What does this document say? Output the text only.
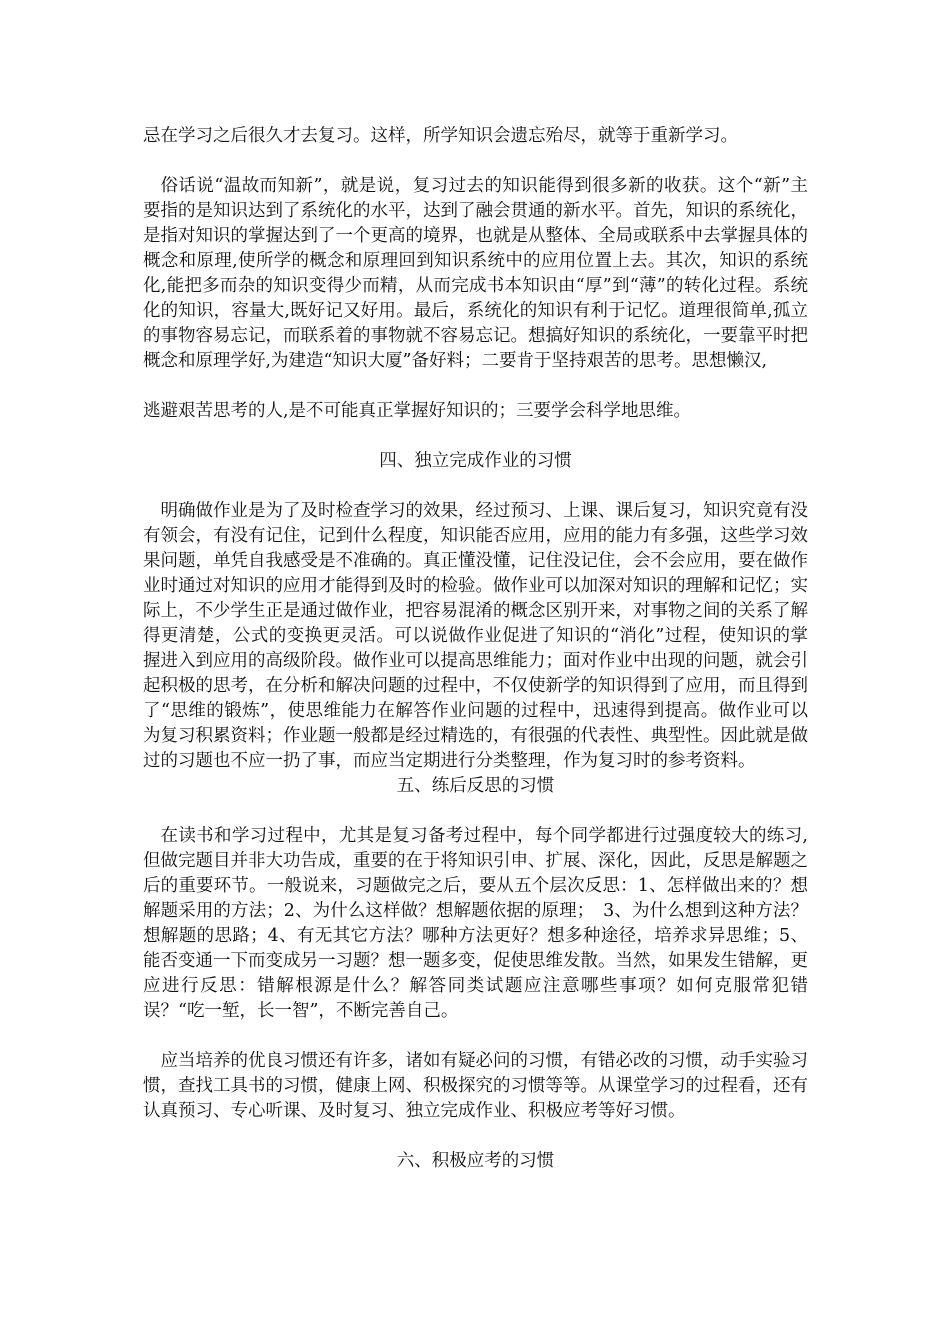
忌在学习之后很久才去复习。这样，所学知识会遗忘殆尽，就等于重新学习。

俗话说“温故而知新”，就是说，复习过去的知识能得到很多新的收获。这个“新”主要指的是知识达到了系统化的水平，达到了融会贯通的新水平。首先，知识的系统化，是指对知识的掌握达到了一个更高的境界，也就是从整体、全局或联系中去掌握具体的概念和原理,使所学的概念和原理回到知识系统中的应用位置上去。其次，知识的系统化,能把多而杂的知识变得少而精，从而完成书本知识由“厚”到“薄”的转化过程。系统化的知识，容量大,既好记又好用。最后，系统化的知识有利于记忆。道理很简单,孤立的事物容易忘记，而联系着的事物就不容易忘记。想搞好知识的系统化，一要靠平时把概念和原理学好,为建造“知识大厦”备好料；二要肯于坚持艰苦的思考。思想懒汉,

逃避艰苦思考的人,是不可能真正掌握好知识的；三要学会科学地思维。

四、独立完成作业的习惯

明确做作业是为了及时检查学习的效果，经过预习、上课、课后复习，知识究竟有没有领会，有没有记住，记到什么程度，知识能否应用，应用的能力有多强，这些学习效果问题，单凭自我感受是不准确的。真正懂没懂，记住没记住，会不会应用，要在做作业时通过对知识的应用才能得到及时的检验。做作业可以加深对知识的理解和记忆；实际上，不少学生正是通过做作业，把容易混淆的概念区别开来，对事物之间的关系了解得更清楚，公式的变换更灵活。可以说做作业促进了知识的“消化”过程，使知识的掌握进入到应用的高级阶段。做作业可以提高思维能力；面对作业中出现的问题，就会引起积极的思考，在分析和解决问题的过程中，不仅使新学的知识得到了应用，而且得到了“思维的锻炼”，使思维能力在解答作业问题的过程中，迅速得到提高。做作业可以为复习积累资料；作业题一般都是经过精选的，有很强的代表性、典型性。因此就是做过的习题也不应一扔了事，而应当定期进行分类整理，作为复习时的参考资料。

五、练后反思的习惯

在读书和学习过程中，尤其是复习备考过程中，每个同学都进行过强度较大的练习,但做完题目并非大功告成，重要的在于将知识引申、扩展、深化，因此，反思是解题之后的重要环节。一般说来，习题做完之后，要从五个层次反思：1、怎样做出来的？想解题采用的方法；2、为什么这样做？想解题依据的原理；　3、为什么想到这种方法？想解题的思路；4、有无其它方法？哪种方法更好？想多种途径，培养求异思维；5、能否变通一下而变成另一习题？想一题多变，促使思维发散。当然，如果发生错解，更应进行反思：错解根源是什么？解答同类试题应注意哪些事项？如何克服常犯错误？“吃一堑，长一智”，不断完善自己。

应当培养的优良习惯还有许多，诸如有疑必问的习惯，有错必改的习惯，动手实验习惯，查找工具书的习惯，健康上网、积极探究的习惯等等。从课堂学习的过程看，还有认真预习、专心听课、及时复习、独立完成作业、积极应考等好习惯。

六、积极应考的习惯
